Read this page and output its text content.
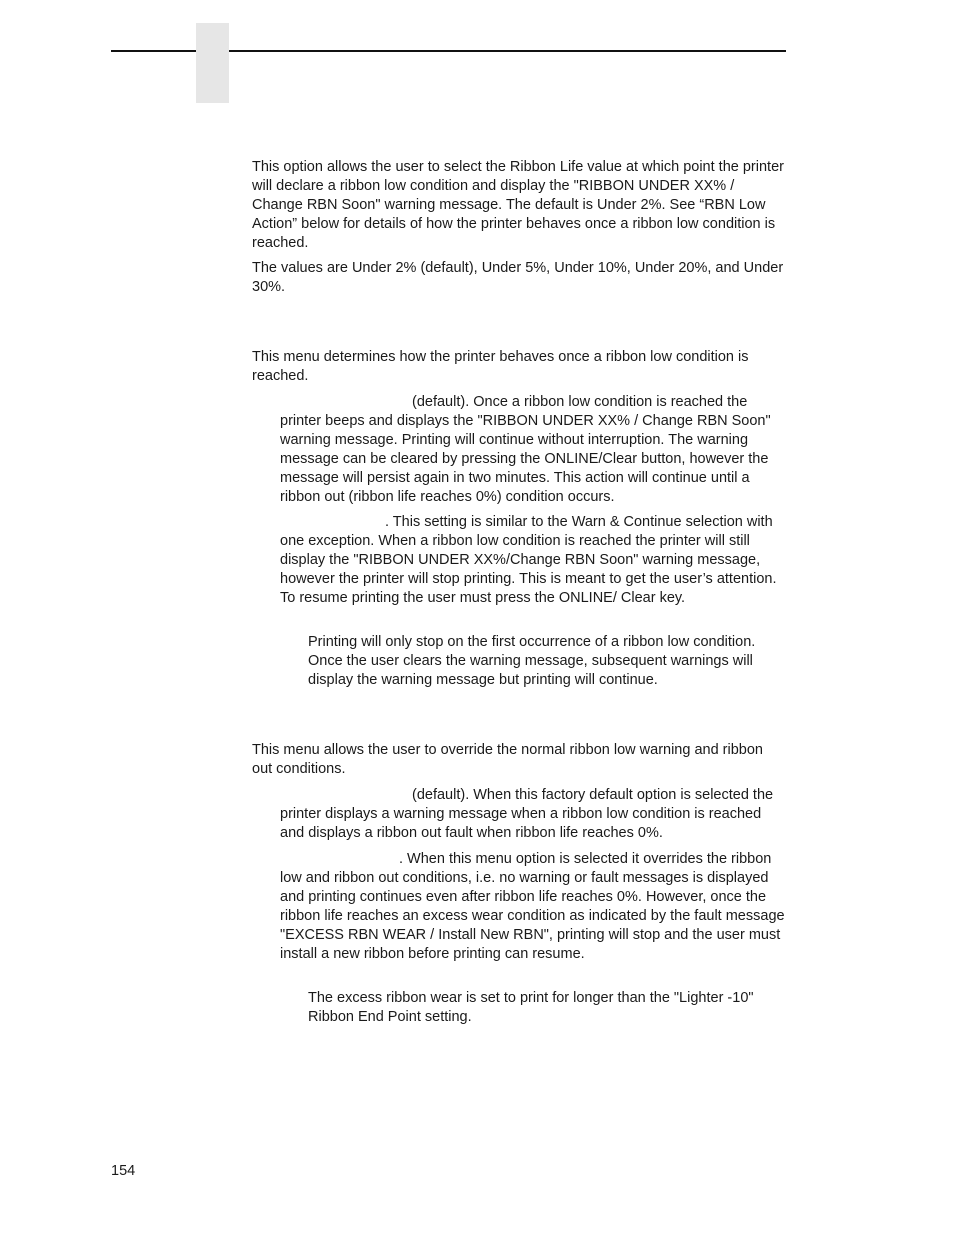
This option allows the user to select the Ribbon Life value at which point the printer will declare a ribbon low condition and display the "RIBBON UNDER XX% / Change RBN Soon" warning message. The default is Under 2%. See “RBN Low Action” below for details of how the printer behaves once a ribbon low condition is reached.

The values are Under 2% (default), Under 5%, Under 10%, Under 20%, and Under 30%.

This menu determines how the printer behaves once a ribbon low condition is reached.

(default). Once a ribbon low condition is reached the printer beeps and displays the "RIBBON UNDER XX% / Change RBN Soon" warning message. Printing will continue without interruption. The warning message can be cleared by pressing the ONLINE/Clear button, however the message will persist again in two minutes. This action will continue until a ribbon out (ribbon life reaches 0%) condition occurs.

. This setting is similar to the Warn & Continue selection with one exception. When a ribbon low condition is reached the printer will still display the "RIBBON UNDER XX%/Change RBN Soon" warning message, however the printer will stop printing. This is meant to get the user’s attention. To resume printing the user must press the ONLINE/ Clear key.

Printing will only stop on the first occurrence of a ribbon low condition. Once the user clears the warning message, subsequent warnings will display the warning message but printing will continue.

This menu allows the user to override the normal ribbon low warning and ribbon out conditions.

(default). When this factory default option is selected the printer displays a warning message when a ribbon low condition is reached and displays a ribbon out fault when ribbon life reaches 0%.

. When this menu option is selected it overrides the ribbon low and ribbon out conditions, i.e. no warning or fault messages is displayed and printing continues even after ribbon life reaches 0%. However, once the ribbon life reaches an excess wear condition as indicated by the fault message "EXCESS RBN WEAR / Install New RBN", printing will stop and the user must install a new ribbon before printing can resume.

The excess ribbon wear is set to print for longer than the "Lighter -10" Ribbon End Point setting.

154
